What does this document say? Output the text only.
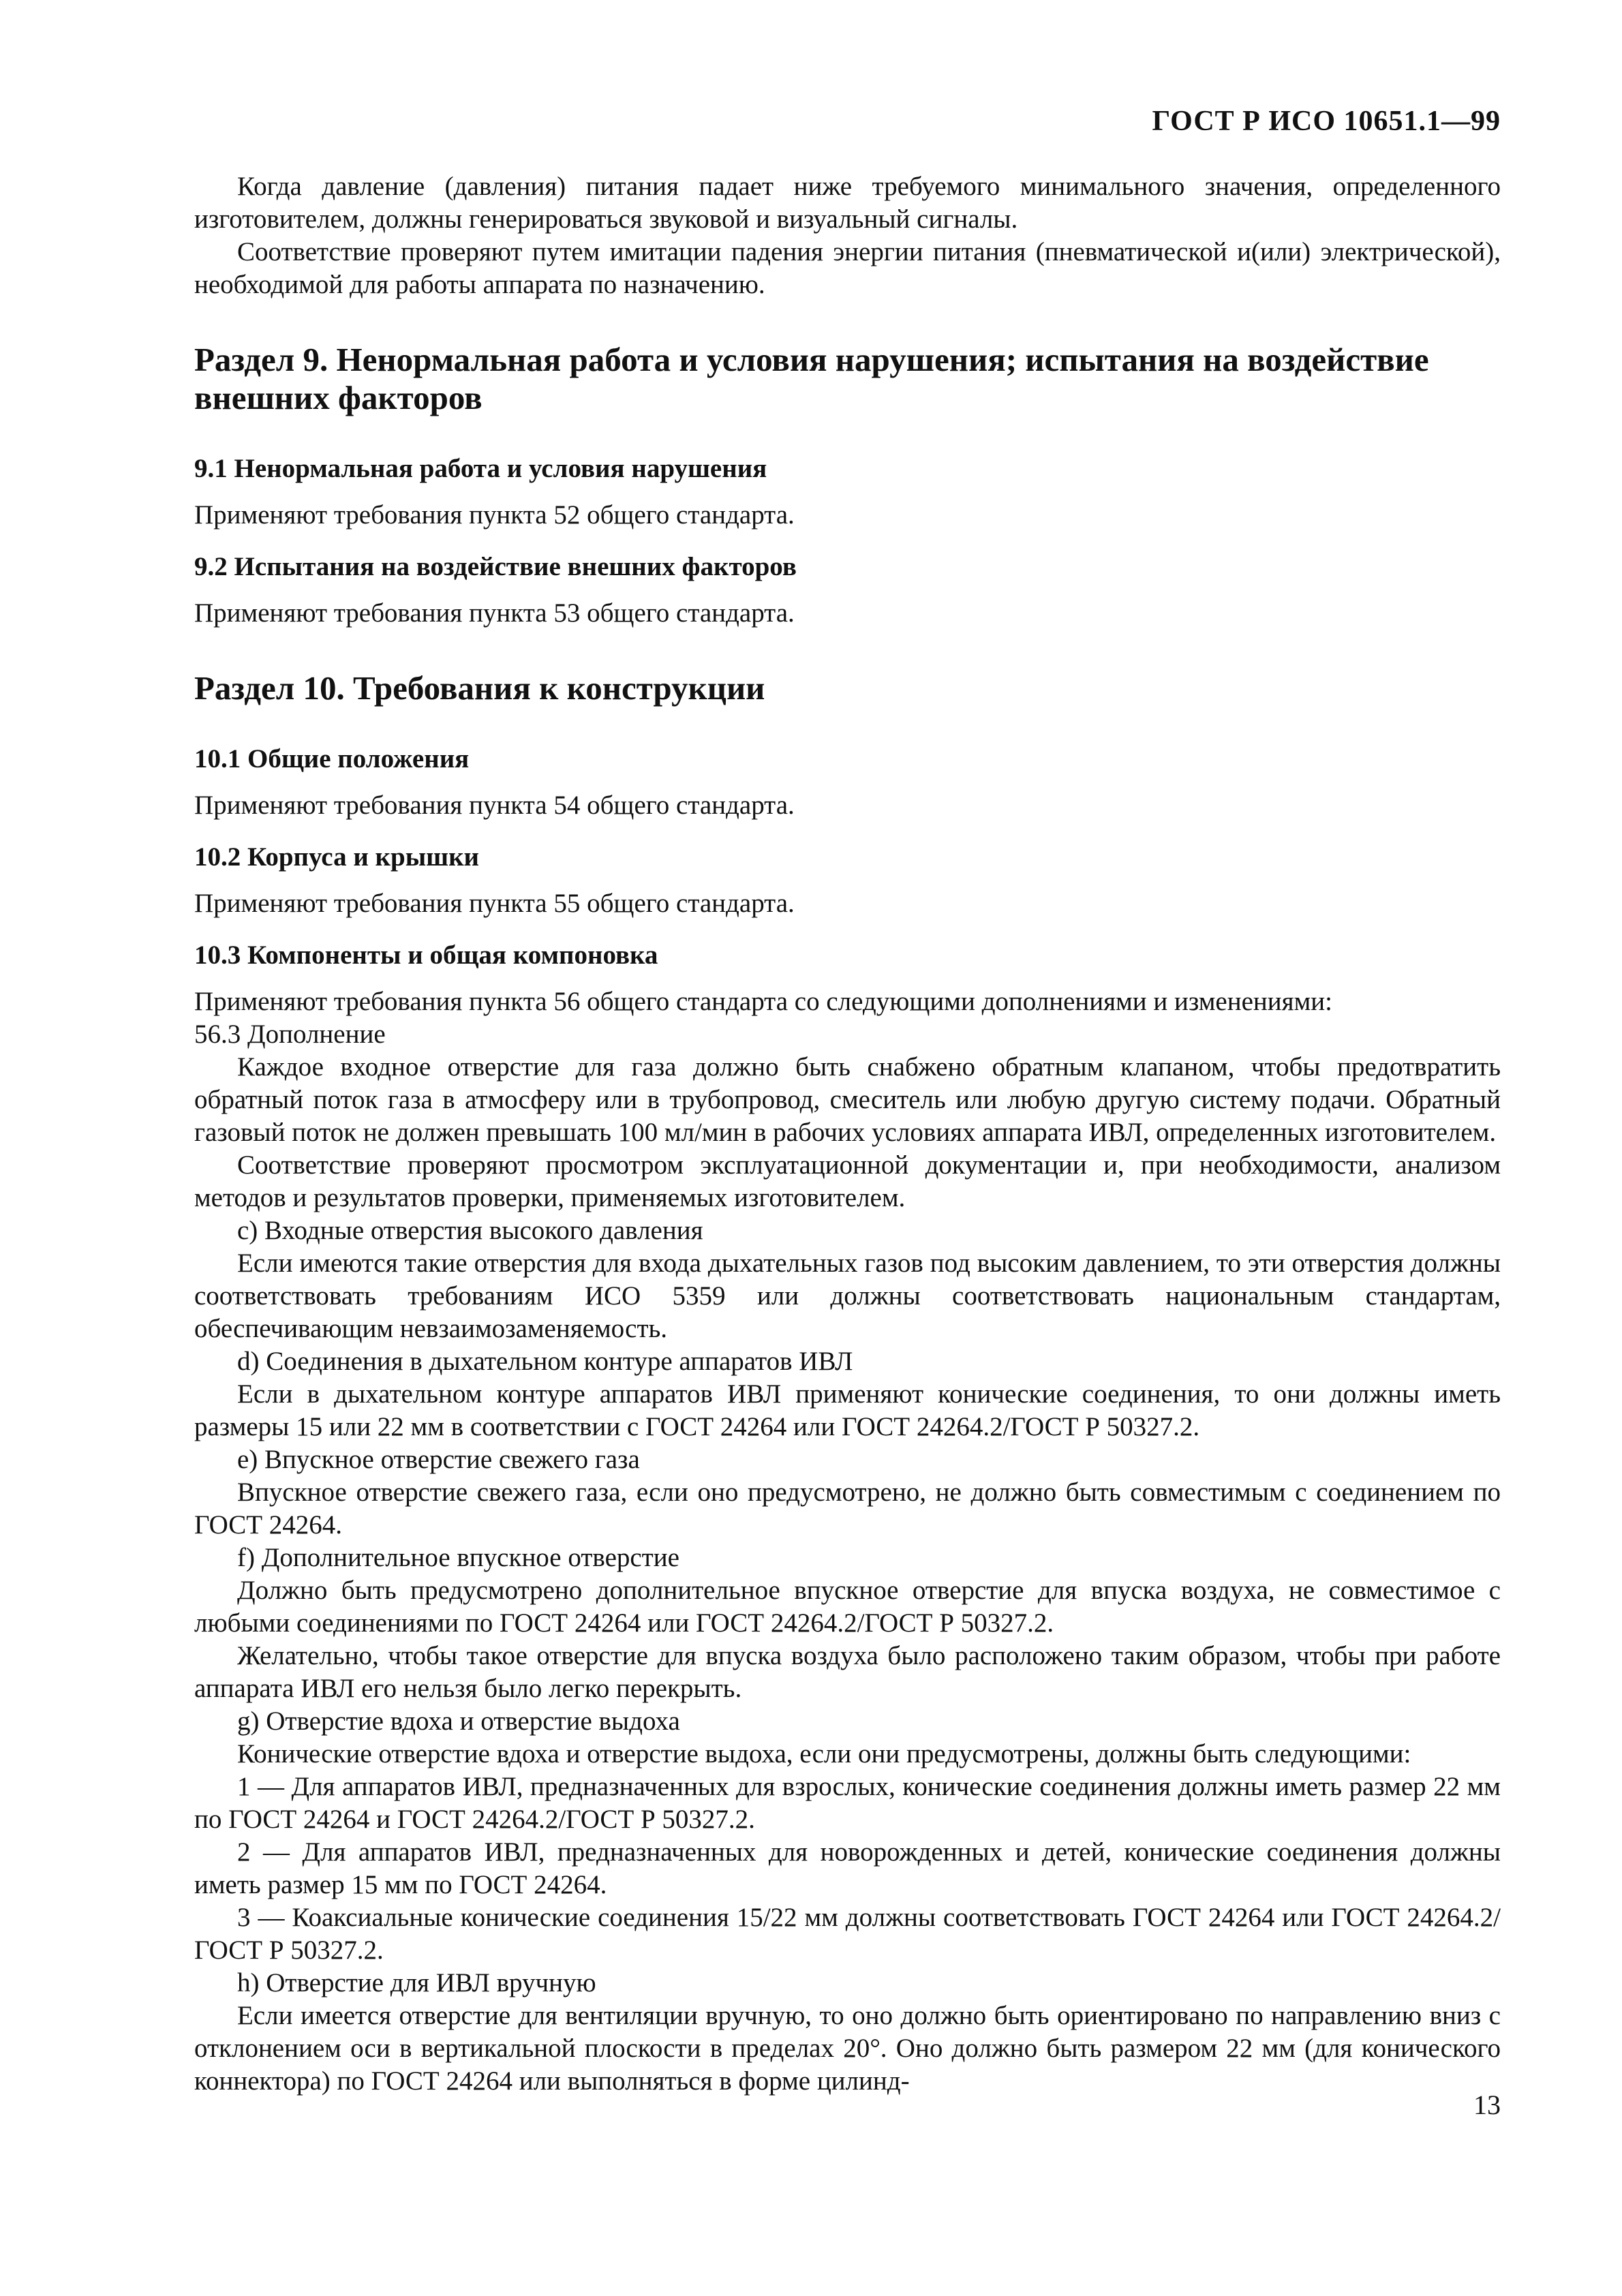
ГОСТ Р ИСО 10651.1—99

Когда давление (давления) питания падает ниже требуемого минимального значения, определенного изготовителем, должны генерироваться звуковой и визуальный сигналы.

Соответствие проверяют путем имитации падения энергии питания (пневматической и(или) электрической), необходимой для работы аппарата по назначению.

Раздел 9. Ненормальная работа и условия нарушения; испытания на воздействие внешних факторов
9.1 Ненормальная работа и условия нарушения

Применяют требования пункта 52 общего стандарта.

9.2 Испытания на воздействие внешних факторов

Применяют требования пункта 53 общего стандарта.

Раздел 10. Требования к конструкции
10.1 Общие положения

Применяют требования пункта 54 общего стандарта.

10.2 Корпуса и крышки

Применяют требования пункта 55 общего стандарта.

10.3 Компоненты и общая компоновка

Применяют требования пункта 56 общего стандарта со следующими дополнениями и изменениями:

56.3 Дополнение

Каждое входное отверстие для газа должно быть снабжено обратным клапаном, чтобы предотвратить обратный поток газа в атмосферу или в трубопровод, смеситель или любую другую систему подачи. Обратный газовый поток не должен превышать 100 мл/мин в рабочих условиях аппарата ИВЛ, определенных изготовителем.

Соответствие проверяют просмотром эксплуатационной документации и, при необходимости, анализом методов и результатов проверки, применяемых изготовителем.

c) Входные отверстия высокого давления

Если имеются такие отверстия для входа дыхательных газов под высоким давлением, то эти отверстия должны соответствовать требованиям ИСО 5359 или должны соответствовать национальным стандартам, обеспечивающим невзаимозаменяемость.

d) Соединения в дыхательном контуре аппаратов ИВЛ

Если в дыхательном контуре аппаратов ИВЛ применяют конические соединения, то они должны иметь размеры 15 или 22 мм в соответствии с ГОСТ 24264 или ГОСТ 24264.2/ГОСТ Р 50327.2.

e) Впускное отверстие свежего газа

Впускное отверстие свежего газа, если оно предусмотрено, не должно быть совместимым с соединением по ГОСТ 24264.

f) Дополнительное впускное отверстие

Должно быть предусмотрено дополнительное впускное отверстие для впуска воздуха, не совместимое с любыми соединениями по ГОСТ 24264 или ГОСТ 24264.2/ГОСТ Р 50327.2.

Желательно, чтобы такое отверстие для впуска воздуха было расположено таким образом, чтобы при работе аппарата ИВЛ его нельзя было легко перекрыть.

g) Отверстие вдоха и отверстие выдоха

Конические отверстие вдоха и отверстие выдоха, если они предусмотрены, должны быть следующими:

1 — Для аппаратов ИВЛ, предназначенных для взрослых, конические соединения должны иметь размер 22 мм по ГОСТ 24264 и ГОСТ 24264.2/ГОСТ Р 50327.2.

2 — Для аппаратов ИВЛ, предназначенных для новорожденных и детей, конические соединения должны иметь размер 15 мм по ГОСТ 24264.

3 — Коаксиальные конические соединения 15/22 мм должны соответствовать ГОСТ 24264 или ГОСТ 24264.2/ГОСТ Р 50327.2.

h) Отверстие для ИВЛ вручную

Если имеется отверстие для вентиляции вручную, то оно должно быть ориентировано по направлению вниз с отклонением оси в вертикальной плоскости в пределах 20°. Оно должно быть размером 22 мм (для конического коннектора) по ГОСТ 24264 или выполняться в форме цилинд-

13
